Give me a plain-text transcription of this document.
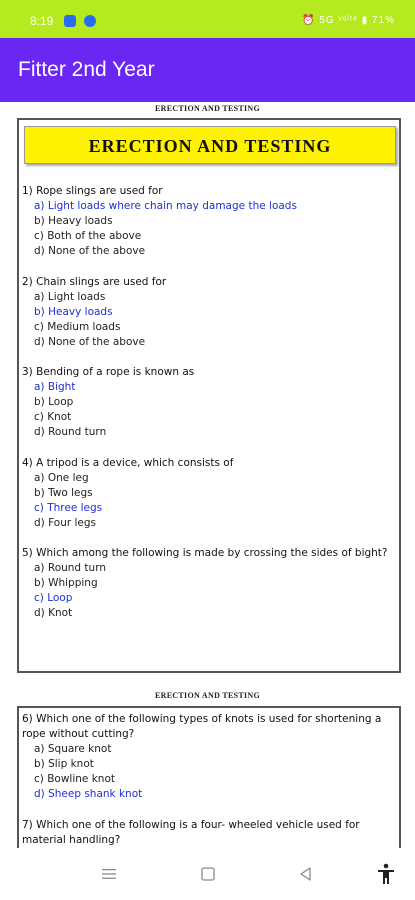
8:19	⏰ 5G ᵛᵒˡᵗᵉ ▮ 71%
Fitter 2nd Year
ERECTION AND TESTING
ERECTION AND TESTING
1) Rope slings are used for
a) Light loads where chain may damage the loads
b) Heavy loads
c) Both of the above
d) None of the above
2) Chain slings are used for
a) Light loads
b) Heavy loads
c) Medium loads
d) None of the above
3) Bending of a rope is known as
a) Bight
b) Loop
c) Knot
d) Round turn
4) A tripod is a device, which consists of
a) One leg
b) Two legs
c) Three legs
d) Four legs
5) Which among the following is made by crossing the sides of bight?
a) Round turn
b) Whipping
c) Loop
d) Knot
ERECTION AND TESTING
6) Which one of the following types of knots is used for shortening a rope without cutting?
a) Square knot
b) Slip knot
c) Bowline knot
d) Sheep shank knot
7) Which one of the following is a four- wheeled vehicle used for material handling?
